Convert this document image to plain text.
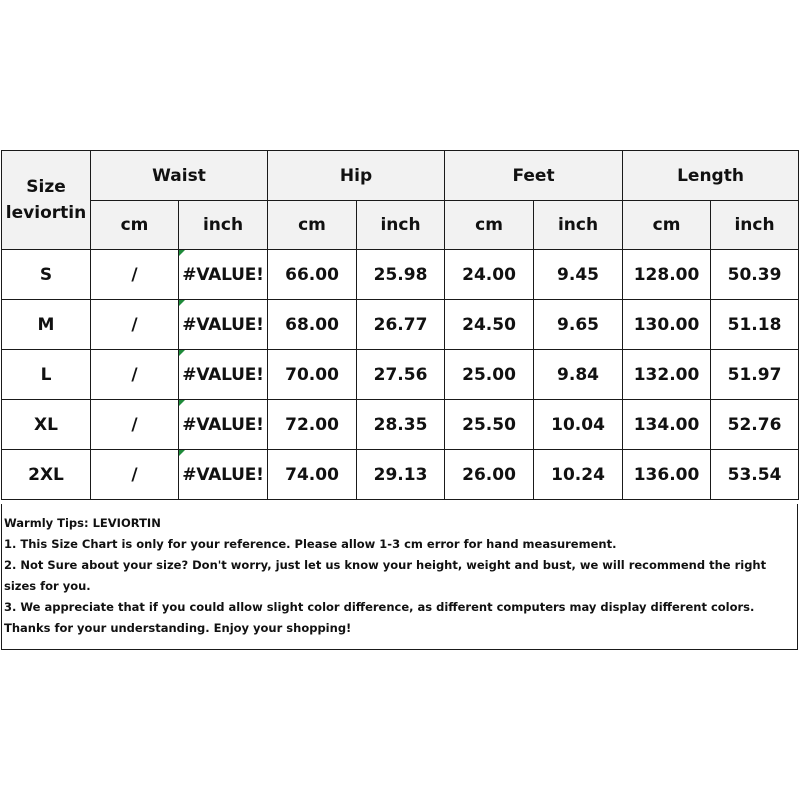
Size
leviortin	Waist		Hip		Feet		Length	
	cm	inch	cm	inch	cm	inch	cm	inch
S	/	#VALUE!	66.00	25.98	24.00	9.45	128.00	50.39
M	/	#VALUE!	68.00	26.77	24.50	9.65	130.00	51.18
L	/	#VALUE!	70.00	27.56	25.00	9.84	132.00	51.97
XL	/	#VALUE!	72.00	28.35	25.50	10.04	134.00	52.76
2XL	/	#VALUE!	74.00	29.13	26.00	10.24	136.00	53.54

Warmly Tips: LEVIORTIN

1. This Size Chart is only for your reference. Please allow 1-3 cm error for hand measurement.

2. Not Sure about your size? Don't worry, just let us know your height, weight and bust, we will recommend the right sizes for you.

3. We appreciate that if you could allow slight color difference, as different computers may display different colors.

Thanks for your understanding. Enjoy your shopping!
